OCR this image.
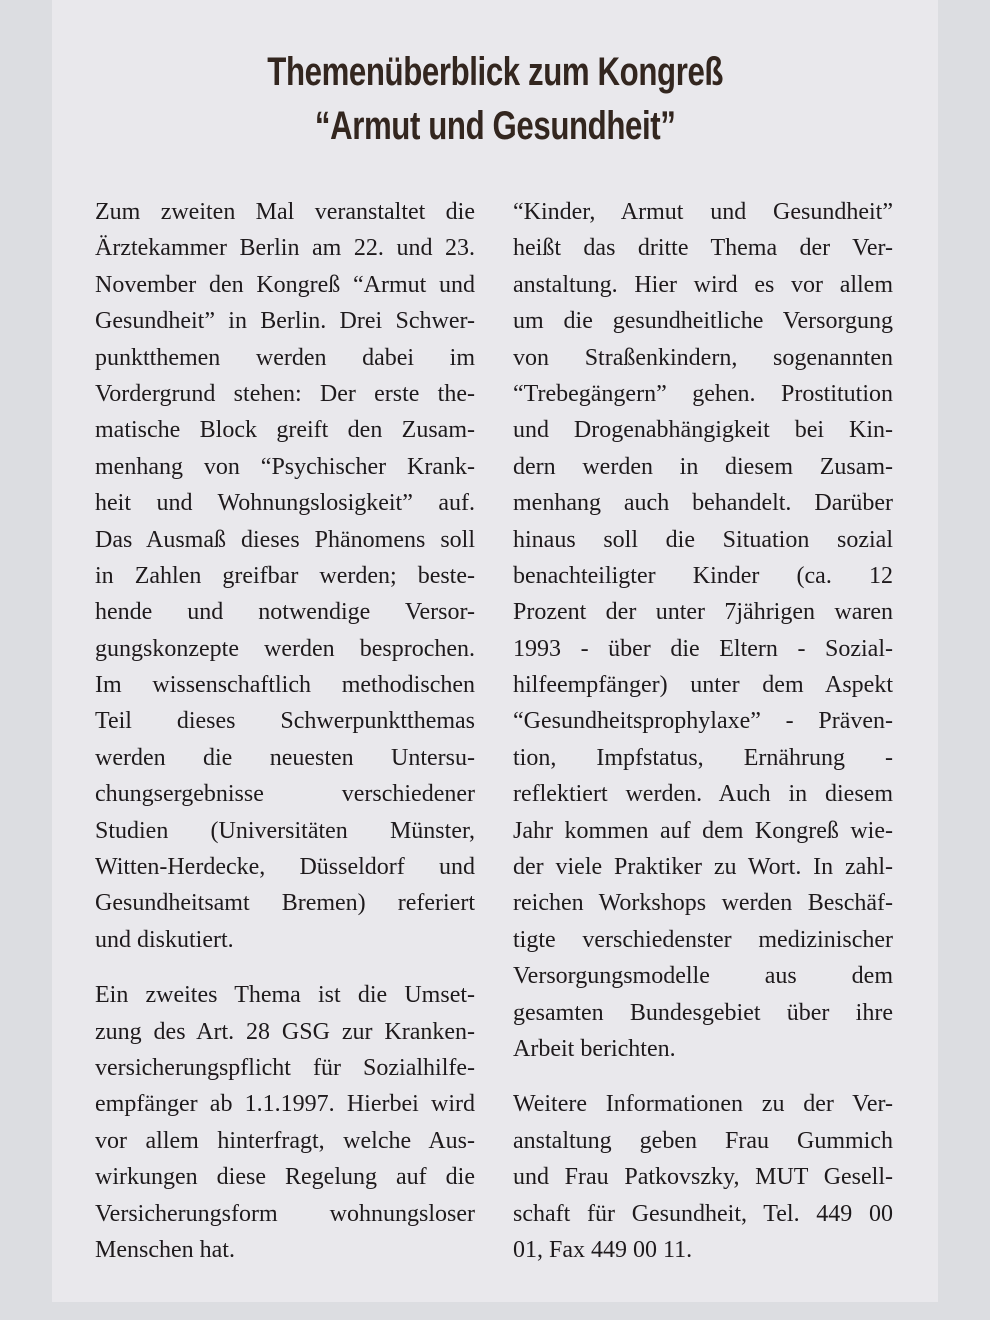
Themenüberblick zum Kongreß
“Armut und Gesundheit”
Zum zweiten Mal veranstaltet die
Ärztekammer Berlin am 22. und 23.
November den Kongreß “Armut und
Gesundheit” in Berlin. Drei Schwer-
punktthemen werden dabei im
Vordergrund stehen: Der erste the-
matische Block greift den Zusam-
menhang von “Psychischer Krank-
heit und Wohnungslosigkeit” auf.
Das Ausmaß dieses Phänomens soll
in Zahlen greifbar werden; beste-
hende und notwendige Versor-
gungskonzepte werden besprochen.
Im wissenschaftlich methodischen
Teil dieses Schwerpunktthemas
werden die neuesten Untersu-
chungsergebnisse verschiedener
Studien (Universitäten Münster,
Witten-Herdecke, Düsseldorf und
Gesundheitsamt Bremen) referiert
und diskutiert.
Ein zweites Thema ist die Umset-
zung des Art. 28 GSG zur Kranken-
versicherungspflicht für Sozialhilfe-
empfänger ab 1.1.1997. Hierbei wird
vor allem hinterfragt, welche Aus-
wirkungen diese Regelung auf die
Versicherungsform wohnungsloser
Menschen hat.
“Kinder, Armut und Gesundheit”
heißt das dritte Thema der Ver-
anstaltung. Hier wird es vor allem
um die gesundheitliche Versorgung
von Straßenkindern, sogenannten
“Trebegängern” gehen. Prostitution
und Drogenabhängigkeit bei Kin-
dern werden in diesem Zusam-
menhang auch behandelt. Darüber
hinaus soll die Situation sozial
benachteiligter Kinder (ca. 12
Prozent der unter 7jährigen waren
1993 - über die Eltern - Sozial-
hilfeempfänger) unter dem Aspekt
“Gesundheitsprophylaxe” - Präven-
tion, Impfstatus, Ernährung -
reflektiert werden. Auch in diesem
Jahr kommen auf dem Kongreß wie-
der viele Praktiker zu Wort. In zahl-
reichen Workshops werden Beschäf-
tigte verschiedenster medizinischer
Versorgungsmodelle aus dem
gesamten Bundesgebiet über ihre
Arbeit berichten.
Weitere Informationen zu der Ver-
anstaltung geben Frau Gummich
und Frau Patkovszky, MUT Gesell-
schaft für Gesundheit, Tel. 449 00
01, Fax 449 00 11.
